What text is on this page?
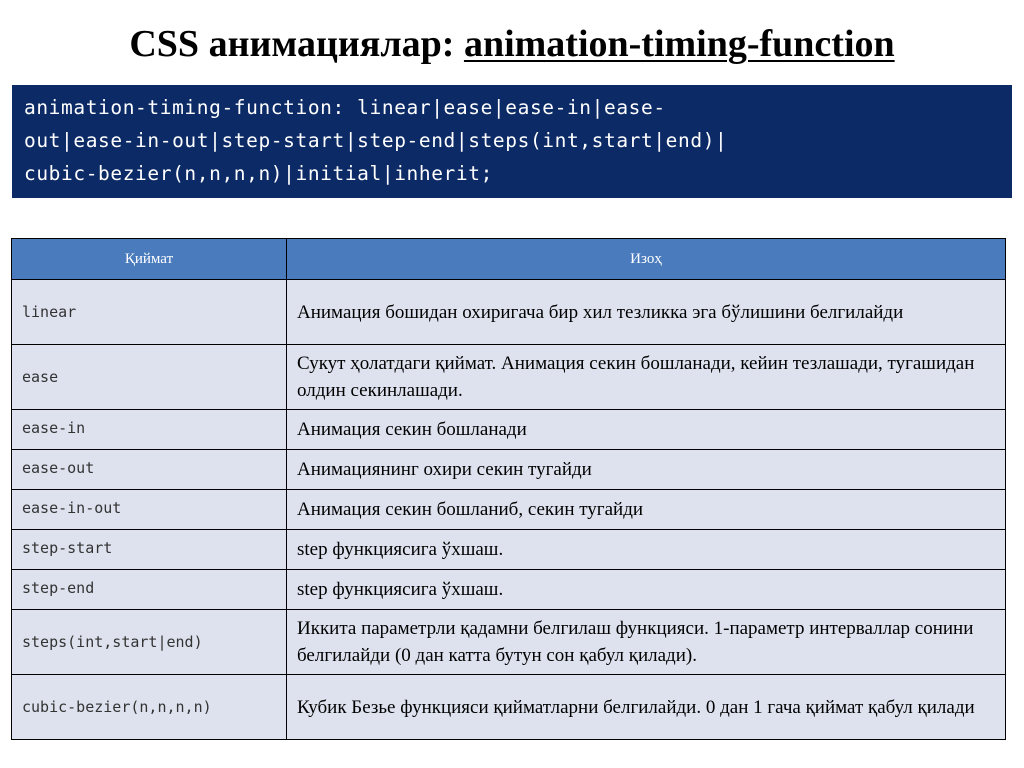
CSS анимациялар: animation-timing-function
animation-timing-function: linear|ease|ease-in|ease-
out|ease-in-out|step-start|step-end|steps(int,start|end)|
cubic-bezier(n,n,n,n)|initial|inherit;
Қиймат	Изоҳ
linear	Анимация бошидан охиригача бир хил тезликка эга бўлишини белгилайди
ease	Сукут ҳолатдаги қиймат. Анимация секин бошланади, кейин тезлашади, тугашидан олдин секинлашади.
ease-in	Анимация секин бошланади
ease-out	Анимациянинг охири секин тугайди
ease-in-out	Анимация секин бошланиб, секин тугайди
step-start	step функциясига ўхшаш.
step-end	step функциясига ўхшаш.
steps(int,start|end)	Иккита параметрли қадамни белгилаш функцияси. 1-параметр интерваллар сонини белгилайди (0 дан катта бутун сон қабул қилади).
cubic-bezier(n,n,n,n)	Кубик Безье функцияси қийматларни белгилайди. 0 дан 1 гача қиймат қабул қилади
